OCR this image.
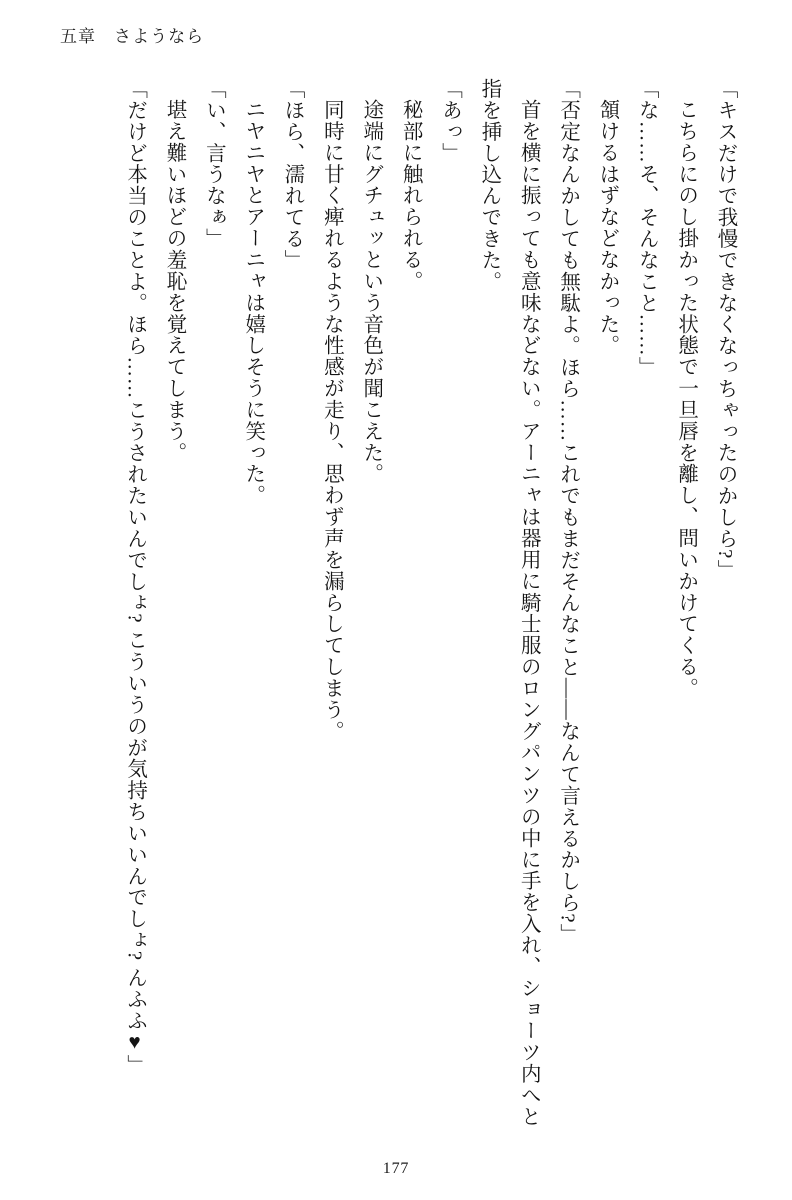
五章 さようなら

「キスだけで我慢できなくなっちゃったのかしら?」

こちらにのし掛かった状態で一旦唇を離し、問いかけてくる。

「な……そ、そんなこと……」

頷けるはずなどなかった。

「否定なんかしても無駄よ。ほら……これでもまだそんなこと――なんて言えるかしら?」

首を横に振っても意味などない。アーニャは器用に騎士服のロングパンツの中に手を入れ、ショーツ内へと指を挿し込んできた。

「あっ」

秘部に触れられる。

途端にグチュッという音色が聞こえた。

同時に甘く痺れるような性感が走り、思わず声を漏らしてしまう。

「ほら、濡れてる」

ニヤニヤとアーニャは嬉しそうに笑った。

「い、言うなぁ」

堪え難いほどの羞恥を覚えてしまう。

「だけど本当のことよ。ほら……こうされたいんでしょ? こういうのが気持ちいいんでしょ? んふふ♥」

177
